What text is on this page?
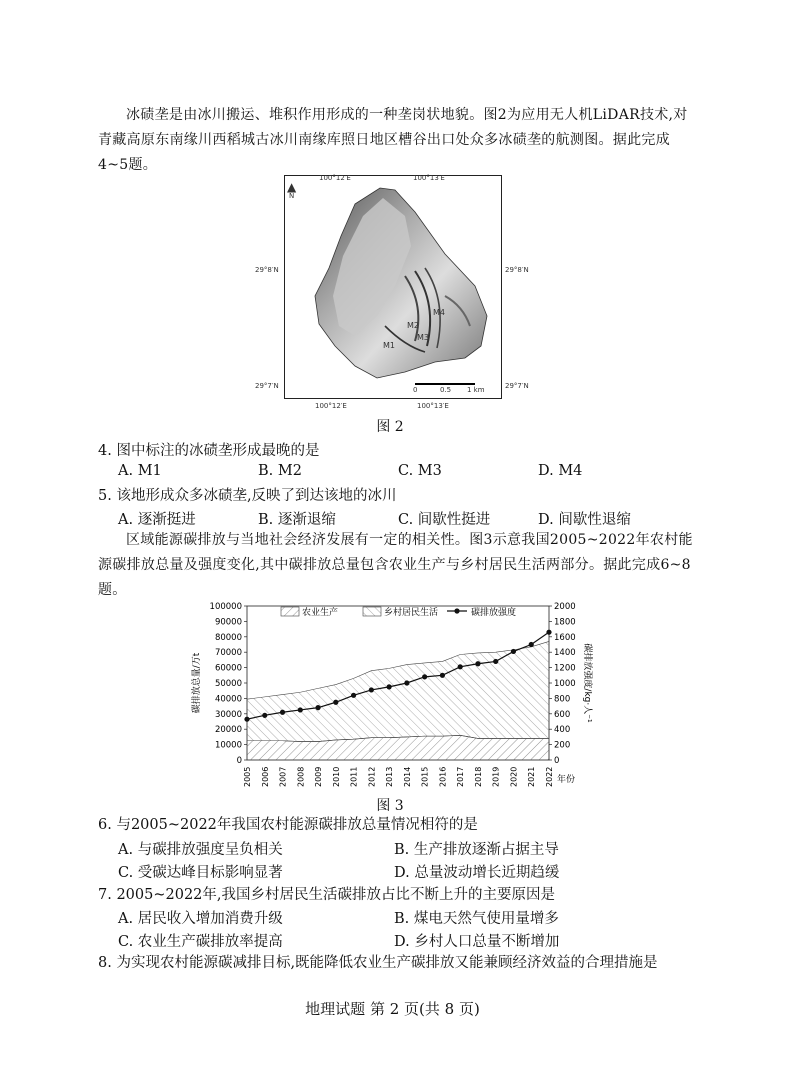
冰碛垄是由冰川搬运、堆积作用形成的一种垄岗状地貌。图2为应用无人机LiDAR技术,对青藏高原东南缘川西稻城古冰川南缘库照日地区槽谷出口处众多冰碛垄的航测图。据此完成4~5题。
▲
N
100°12′E	100°13′E
100°12′E	100°13′E
29°8′N	29°8′N
29°7′N	29°7′N
M1
M2
M3
M4
0	0.5 1 km
图 2
4. 图中标注的冰碛垄形成最晚的是
A. M1	B. M2	C. M3	D. M4
5. 该地形成众多冰碛垄,反映了到达该地的冰川
A. 逐渐挺进	B. 逐渐退缩	C. 间歇性挺进	D. 间歇性退缩
区域能源碳排放与当地社会经济发展有一定的相关性。图3示意我国2005~2022年农村能源碳排放总量及强度变化,其中碳排放总量包含农业生产与乡村居民生活两部分。据此完成6~8题。
0
10000
20000
30000
40000
50000
60000
70000
80000
90000
100000
0
200
400
600
800
1000
1200
1400
1600
1800
2000
2005 2006 2007 2008 2009 2010 2011 2012 2013 2014 2015 2016 2017 2018 2019 2020 2021 2022 年份
碳排放总量/万t	碳排放强度/kg·人⁻¹
农业生产	乡村居民生活	碳排放强度
图 3
6. 与2005~2022年我国农村能源碳排放总量情况相符的是
A. 与碳排放强度呈负相关	B. 生产排放逐渐占据主导
C. 受碳达峰目标影响显著	D. 总量波动增长近期趋缓
7. 2005~2022年,我国乡村居民生活碳排放占比不断上升的主要原因是
A. 居民收入增加消费升级	B. 煤电天然气使用量增多
C. 农业生产碳排放率提高	D. 乡村人口总量不断增加
8. 为实现农村能源碳减排目标,既能降低农业生产碳排放又能兼顾经济效益的合理措施是
地理试题 第 2 页(共 8 页)
